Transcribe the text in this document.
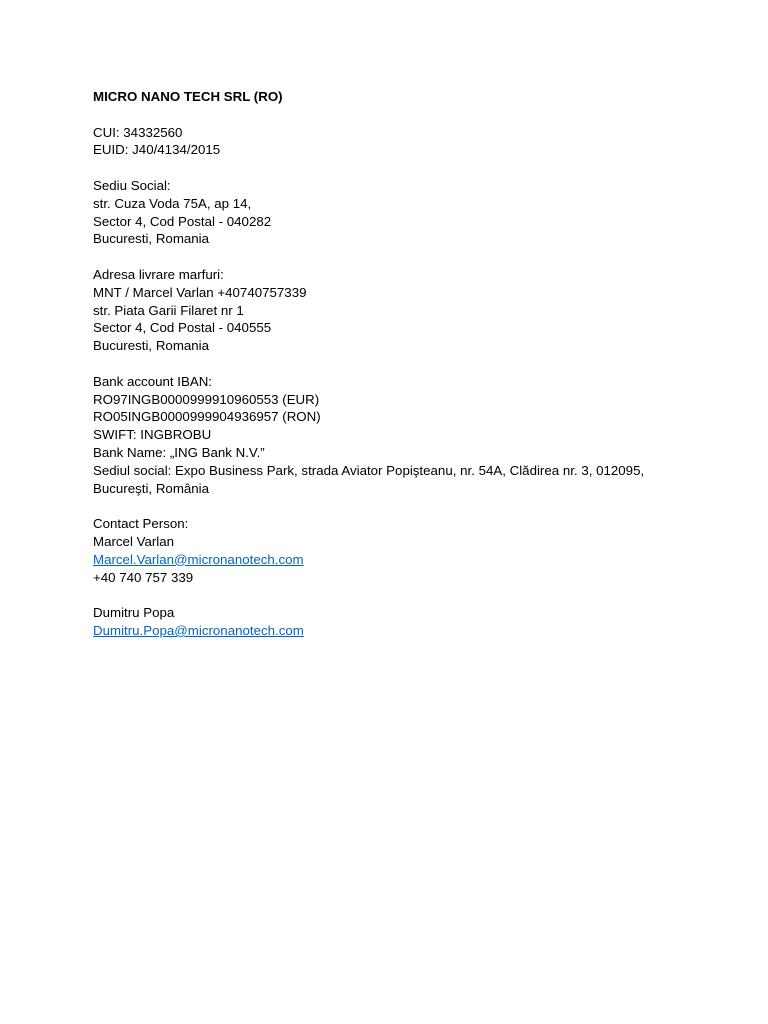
MICRO NANO TECH SRL (RO)
CUI: 34332560
EUID: J40/4134/2015
Sediu Social:
str. Cuza Voda 75A, ap 14,
Sector 4, Cod Postal - 040282
Bucuresti, Romania
Adresa livrare marfuri:
MNT / Marcel Varlan +40740757339
str. Piata Garii Filaret nr 1
Sector 4, Cod Postal - 040555
Bucuresti, Romania
Bank account IBAN:
RO97INGB0000999910960553 (EUR)
RO05INGB0000999904936957 (RON)
SWIFT: INGBROBU
Bank Name: „ING Bank N.V.”
Sediul social: Expo Business Park, strada Aviator Popişteanu, nr. 54A, Clădirea nr. 3, 012095,
Bucureşti, România
Contact Person:
Marcel Varlan
Marcel.Varlan@micronanotech.com
+40 740 757 339
Dumitru Popa
Dumitru.Popa@micronanotech.com
